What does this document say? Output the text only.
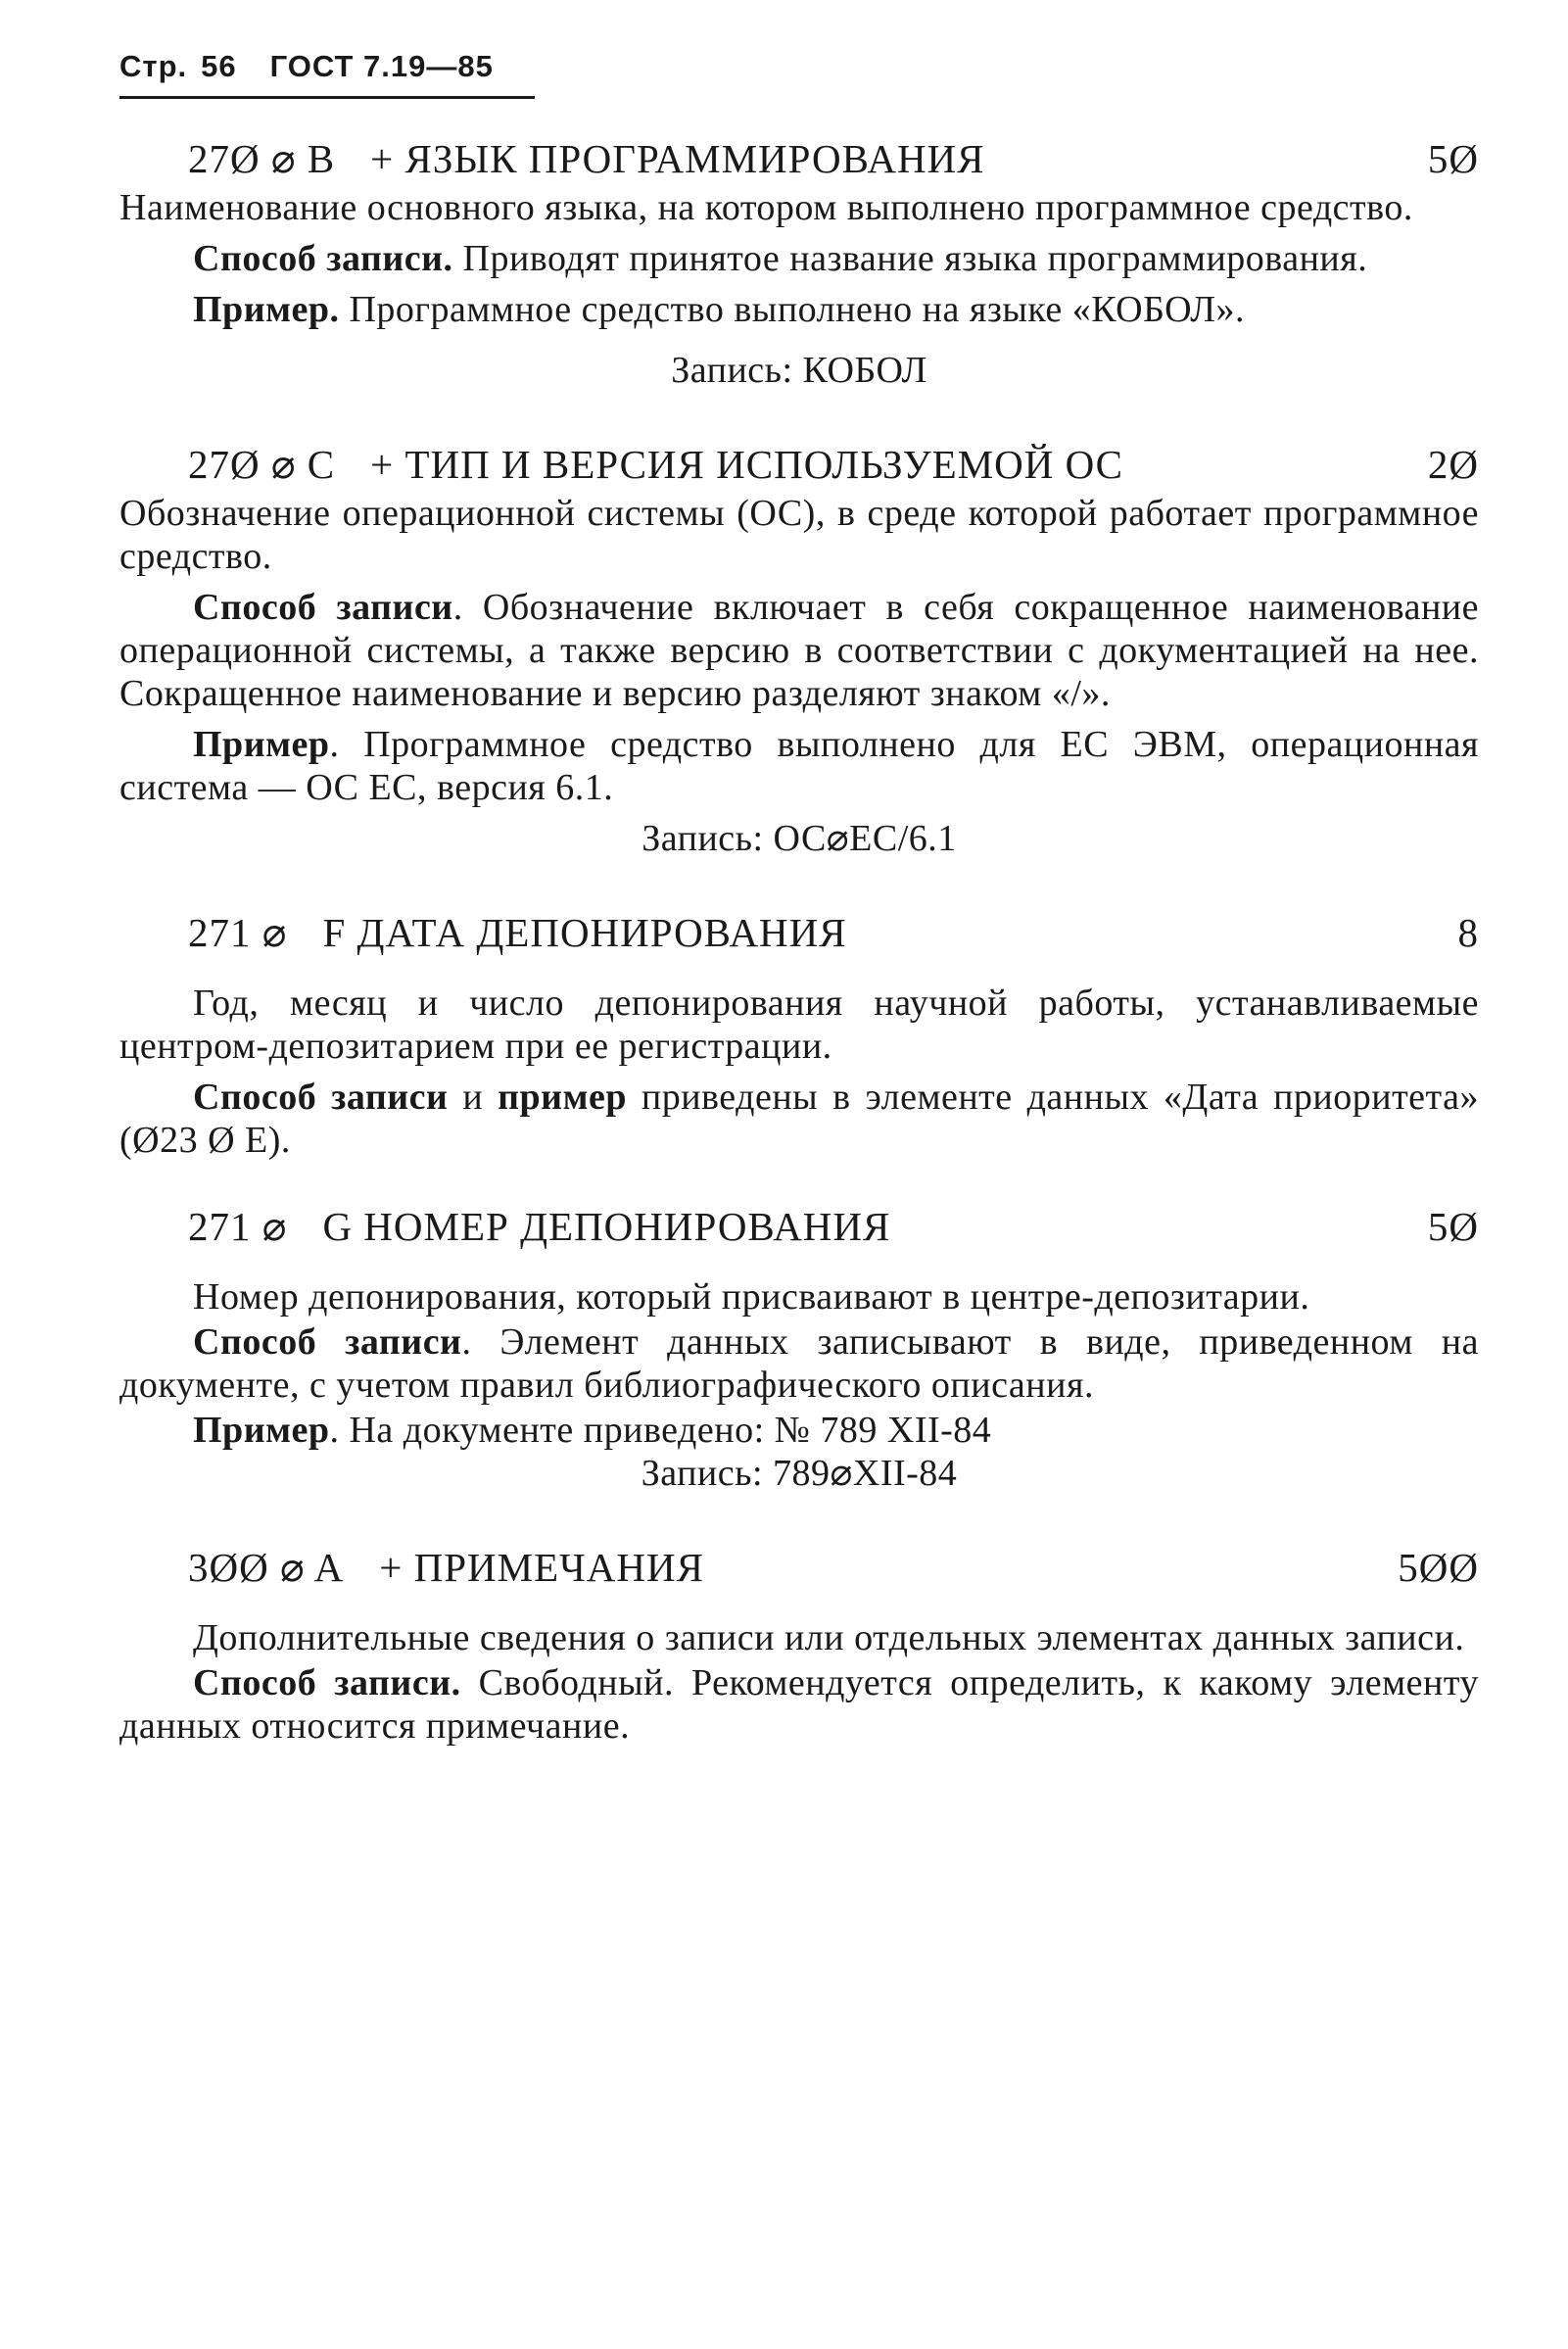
Стр. 56 ГОСТ 7.19—85
27Ø ⌀ B + ЯЗЫК ПРОГРАММИРОВАНИЯ	5Ø

Наименование основного языка, на котором выполнено программное средство.

Способ записи. Приводят принятое название языка программирования.

Пример. Программное средство выполнено на языке «КОБОЛ».

Запись: КОБОЛ

27Ø ⌀ C + ТИП И ВЕРСИЯ ИСПОЛЬЗУЕМОЙ ОС	2Ø

Обозначение операционной системы (ОС), в среде которой работает программное средство.

Способ записи. Обозначение включает в себя сокращенное наименование операционной системы, а также версию в соответствии с документацией на нее. Сокращенное наименование и версию разделяют знаком «/».

Пример. Программное средство выполнено для ЕС ЭВМ, операционная система — ОС ЕС, версия 6.1.

Запись: ОС⌀ЕС/6.1

271 ⌀ F ДАТА ДЕПОНИРОВАНИЯ	8

Год, месяц и число депонирования научной работы, устанавливаемые центром-депозитарием при ее регистрации.

Способ записи и пример приведены в элементе данных «Дата приоритета» (Ø23 Ø E).

271 ⌀ G НОМЕР ДЕПОНИРОВАНИЯ	5Ø

Номер депонирования, который присваивают в центре-депозитарии.

Способ записи. Элемент данных записывают в виде, приведенном на документе, с учетом правил библиографического описания.

Пример. На документе приведено: № 789 XII-84

Запись: 789⌀XII-84

3ØØ ⌀ A + ПРИМЕЧАНИЯ	5ØØ

Дополнительные сведения о записи или отдельных элементах данных записи.

Способ записи. Свободный. Рекомендуется определить, к какому элементу данных относится примечание.
